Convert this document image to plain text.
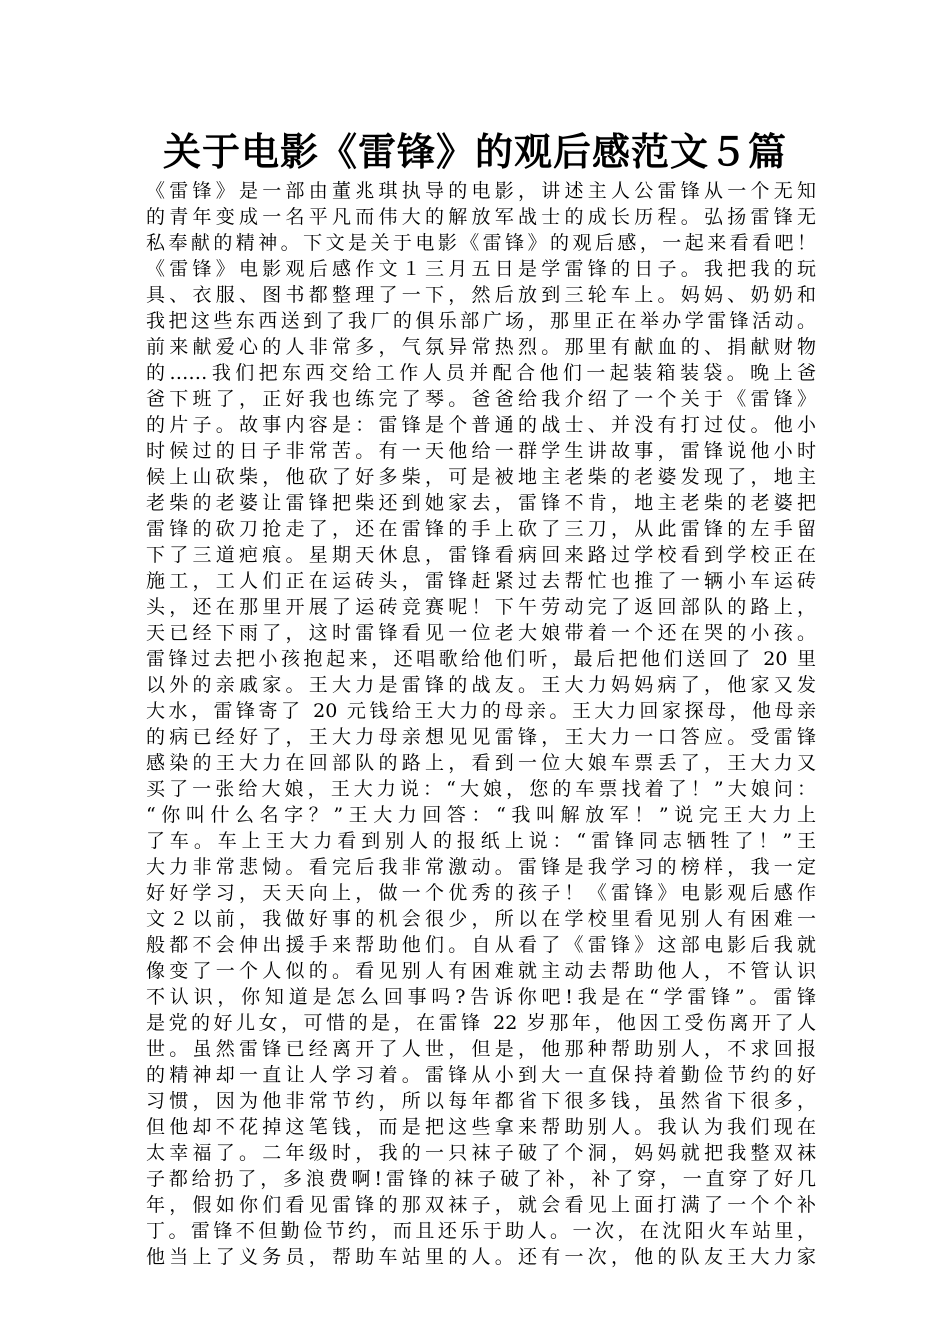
关于电影《雷锋》的观后感范文５篇
《雷锋》是一部由董兆琪执导的电影，讲述主人公雷锋从一个无知
的青年变成一名平凡而伟大的解放军战士的成长历程。弘扬雷锋无
私奉献的精神。下文是关于电影《雷锋》的观后感，一起来看看吧！
《雷锋》电影观后感作文１三月五日是学雷锋的日子。我把我的玩
具、衣服、图书都整理了一下，然后放到三轮车上。妈妈、奶奶和
我把这些东西送到了我厂的俱乐部广场，那里正在举办学雷锋活动。
前来献爱心的人非常多，气氛异常热烈。那里有献血的、捐献财物
的……我们把东西交给工作人员并配合他们一起装箱装袋。晚上爸
爸下班了，正好我也练完了琴。爸爸给我介绍了一个关于《雷锋》
的片子。故事内容是：雷锋是个普通的战士、并没有打过仗。他小
时候过的日子非常苦。有一天他给一群学生讲故事，雷锋说他小时
候上山砍柴，他砍了好多柴，可是被地主老柴的老婆发现了，地主
老柴的老婆让雷锋把柴还到她家去，雷锋不肯，地主老柴的老婆把
雷锋的砍刀抢走了，还在雷锋的手上砍了三刀，从此雷锋的左手留
下了三道疤痕。星期天休息，雷锋看病回来路过学校看到学校正在
施工，工人们正在运砖头，雷锋赶紧过去帮忙也推了一辆小车运砖
头，还在那里开展了运砖竞赛呢！下午劳动完了返回部队的路上，
天已经下雨了，这时雷锋看见一位老大娘带着一个还在哭的小孩。
雷锋过去把小孩抱起来，还唱歌给他们听，最后把他们送回了 20 里
以外的亲戚家。王大力是雷锋的战友。王大力妈妈病了，他家又发
大水，雷锋寄了 20 元钱给王大力的母亲。王大力回家探母，他母亲
的病已经好了，王大力母亲想见见雷锋，王大力一口答应。受雷锋
感染的王大力在回部队的路上，看到一位大娘车票丢了，王大力又
买了一张给大娘，王大力说：“大娘，您的车票找着了！”大娘问：
“你叫什么名字？”王大力回答：“我叫解放军！”说完王大力上
了车。车上王大力看到别人的报纸上说：“雷锋同志牺牲了！”王
大力非常悲恸。看完后我非常激动。雷锋是我学习的榜样，我一定
好好学习，天天向上，做一个优秀的孩子！《雷锋》电影观后感作
文２以前，我做好事的机会很少，所以在学校里看见别人有困难一
般都不会伸出援手来帮助他们。自从看了《雷锋》这部电影后我就
像变了一个人似的。看见别人有困难就主动去帮助他人，不管认识
不认识，你知道是怎么回事吗?告诉你吧!我是在“学雷锋”。雷锋
是党的好儿女，可惜的是，在雷锋 22 岁那年，他因工受伤离开了人
世。虽然雷锋已经离开了人世，但是，他那种帮助别人，不求回报
的精神却一直让人学习着。雷锋从小到大一直保持着勤俭节约的好
习惯，因为他非常节约，所以每年都省下很多钱，虽然省下很多，
但他却不花掉这笔钱，而是把这些拿来帮助别人。我认为我们现在
太幸福了。二年级时，我的一只袜子破了个洞，妈妈就把我整双袜
子都给扔了，多浪费啊!雷锋的袜子破了补，补了穿，一直穿了好几
年，假如你们看见雷锋的那双袜子，就会看见上面打满了一个个补
丁。雷锋不但勤俭节约，而且还乐于助人。一次，在沈阳火车站里，
他当上了义务员，帮助车站里的人。还有一次，他的队友王大力家
